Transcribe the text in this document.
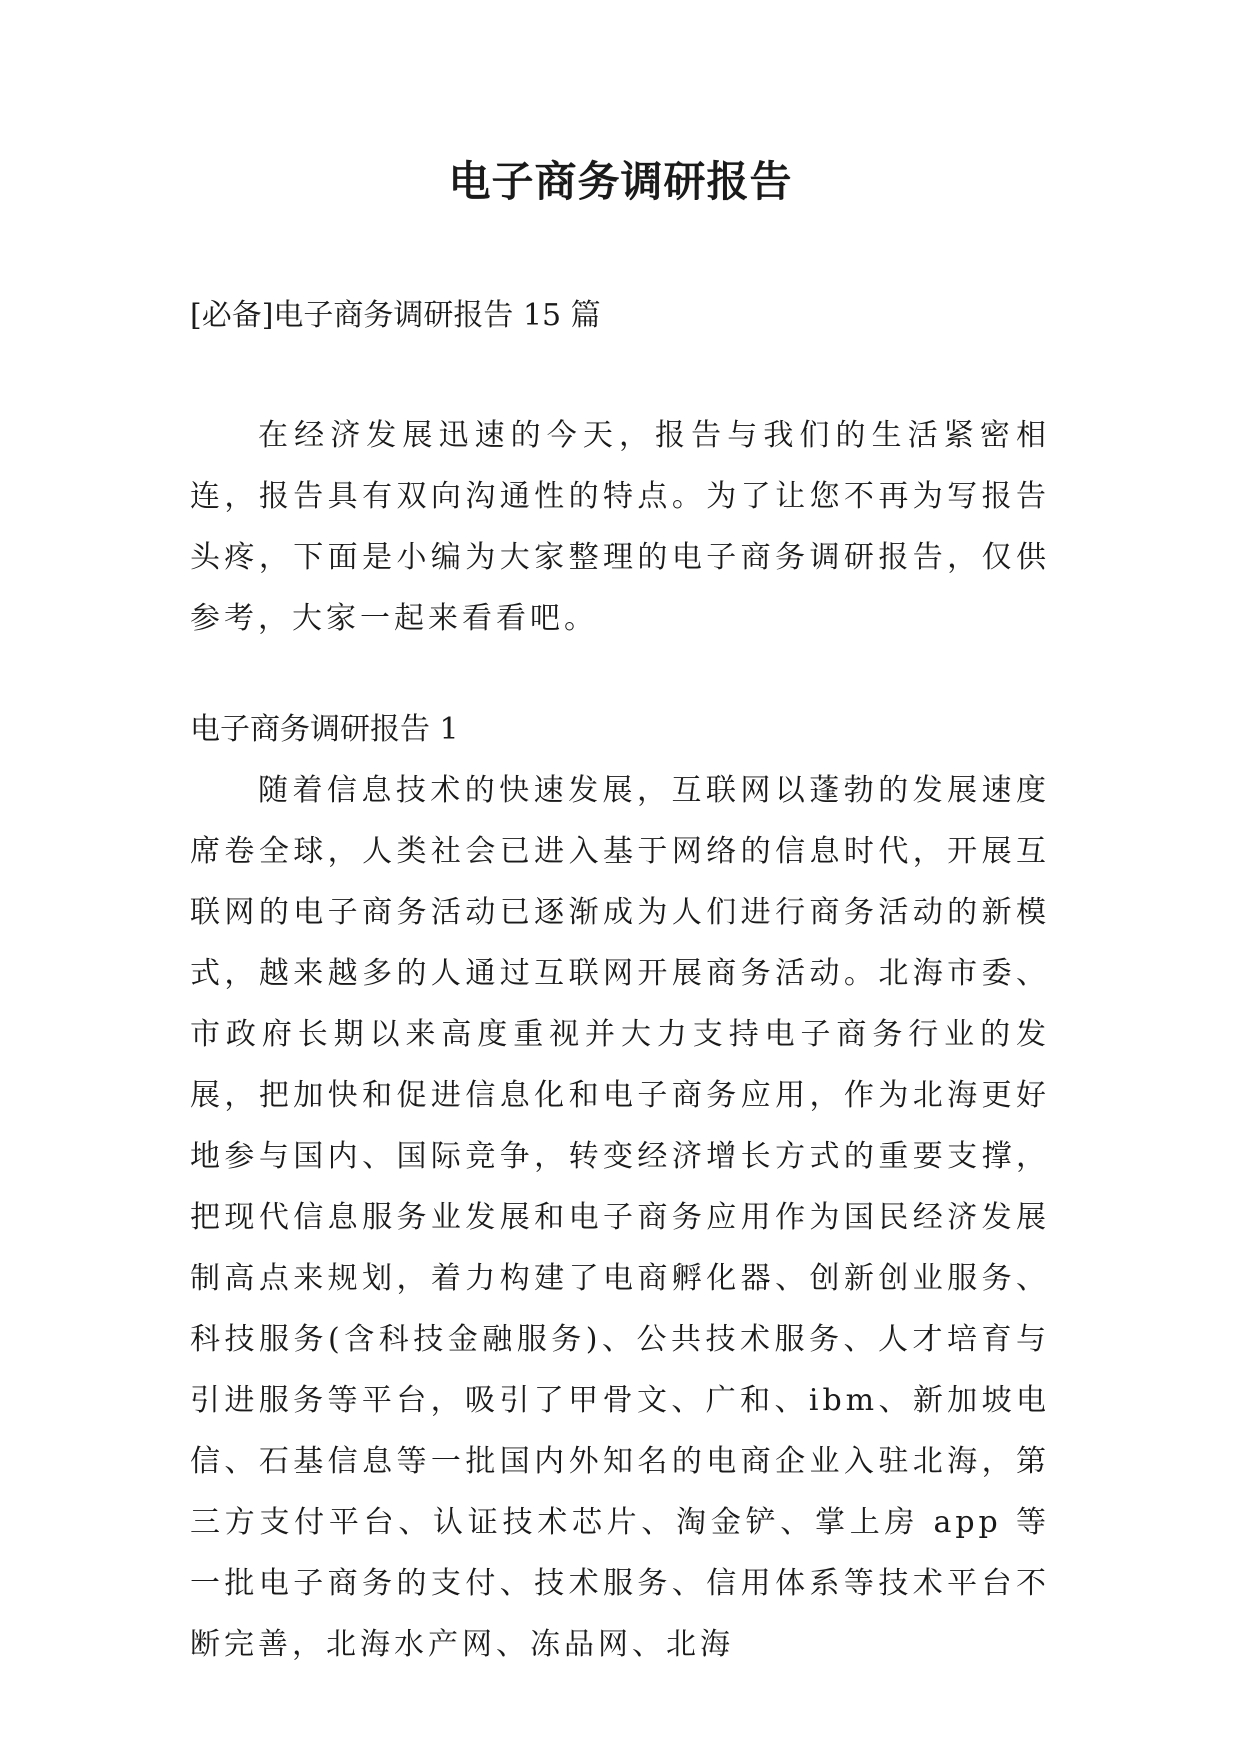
电子商务调研报告

[必备]电子商务调研报告 15 篇

在经济发展迅速的今天，报告与我们的生活紧密相连，报告具有双向沟通性的特点。为了让您不再为写报告头疼，下面是小编为大家整理的电子商务调研报告，仅供参考，大家一起来看看吧。

电子商务调研报告 1

随着信息技术的快速发展，互联网以蓬勃的发展速度席卷全球，人类社会已进入基于网络的信息时代，开展互联网的电子商务活动已逐渐成为人们进行商务活动的新模式，越来越多的人通过互联网开展商务活动。北海市委、市政府长期以来高度重视并大力支持电子商务行业的发展，把加快和促进信息化和电子商务应用，作为北海更好地参与国内、国际竞争，转变经济增长方式的重要支撑，把现代信息服务业发展和电子商务应用作为国民经济发展制高点来规划，着力构建了电商孵化器、创新创业服务、科技服务(含科技金融服务)、公共技术服务、人才培育与引进服务等平台，吸引了甲骨文、广和、ibm、新加坡电信、石基信息等一批国内外知名的电商企业入驻北海，第三方支付平台、认证技术芯片、淘金铲、掌上房 app 等一批电子商务的支付、技术服务、信用体系等技术平台不断完善，北海水产网、冻品网、北海
